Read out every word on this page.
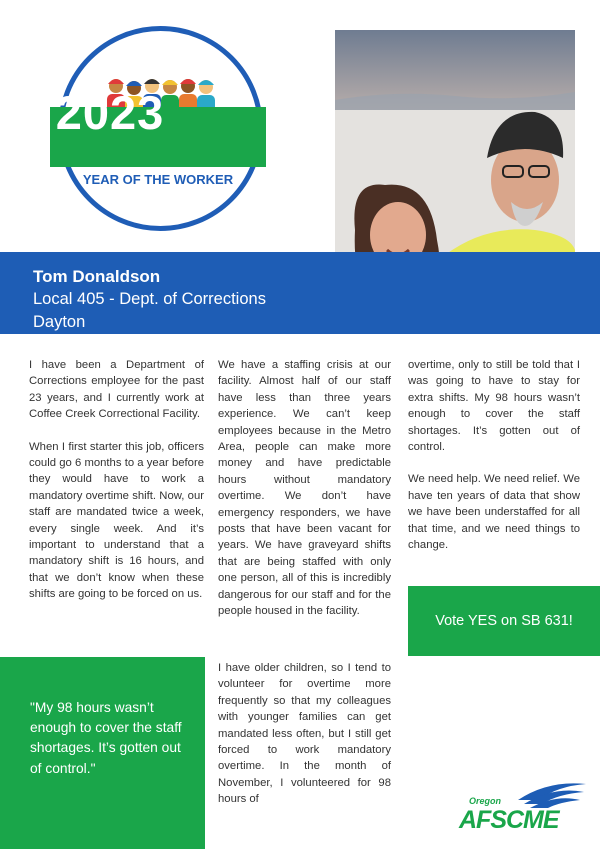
2023
YEAR OF THE WORKER
Tom Donaldson
Local 405 - Dept. of Corrections
Dayton

I have been a Department of Corrections employee for the past 23 years, and I currently work at Coffee Creek Correctional Facility.

When I first starter this job, officers could go 6 months to a year before they would have to work a mandatory overtime shift. Now, our staff are mandated twice a week, every single week. And it’s important to understand that a mandatory shift is 16 hours, and that we don’t know when these shifts are going to be forced on us.

We have a staffing crisis at our facility. Almost half of our staff have less than three years experience. We can’t keep employees because in the Metro Area, people can make more money and have predictable hours without mandatory overtime. We don’t have emergency responders, we have posts that have been vacant for years. We have graveyard shifts that are being staffed with only one person, all of this is incredibly dangerous for our staff and for the people housed in the facility.

I have older children, so I tend to volunteer for overtime more frequently so that my colleagues with younger families can get mandated less often, but I still get forced to work mandatory overtime. In the month of November, I volunteered for 98 hours of

overtime, only to still be told that I was going to have to stay for extra shifts. My 98 hours wasn’t enough to cover the staff shortages. It’s gotten out of control.

We need help. We need relief. We have ten years of data that show we have been understaffed for all that time, and we need things to change.

"My 98 hours wasn’t enough to cover the staff shortages. It’s gotten out of control."
Vote YES on SB 631!
Oregon
AFSCME
